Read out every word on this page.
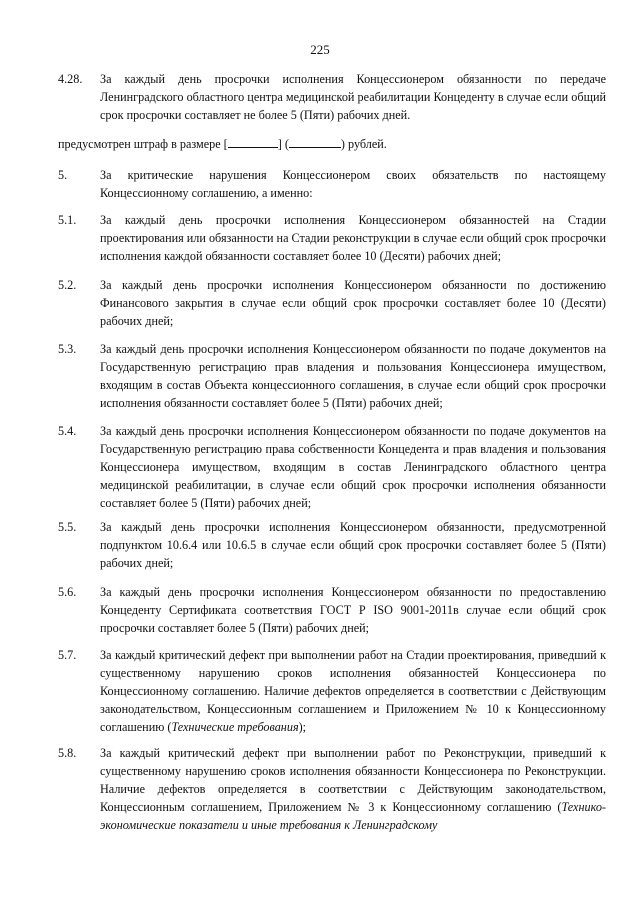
225
4.28.	За каждый день просрочки исполнения Концессионером обязанности по передаче Ленинградского областного центра медицинской реабилитации Концеденту в случае если общий срок просрочки составляет не более 5 (Пяти) рабочих дней.
предусмотрен штраф в размере [	] (	) рублей.
5.	За критические нарушения Концессионером своих обязательств по настоящему Концессионному соглашению, а именно:
5.1.	За каждый день просрочки исполнения Концессионером обязанностей на Стадии проектирования или обязанности на Стадии реконструкции в случае если общий срок просрочки исполнения каждой обязанности составляет более 10 (Десяти) рабочих дней;
5.2.	За каждый день просрочки исполнения Концессионером обязанности по достижению Финансового закрытия в случае если общий срок просрочки составляет более 10 (Десяти) рабочих дней;
5.3.	За каждый день просрочки исполнения Концессионером обязанности по подаче документов на Государственную регистрацию прав владения и пользования Концессионера имуществом, входящим в состав Объекта концессионного соглашения, в случае если общий срок просрочки исполнения обязанности составляет более 5 (Пяти) рабочих дней;
5.4.	За каждый день просрочки исполнения Концессионером обязанности по подаче документов на Государственную регистрацию права собственности Концедента и прав владения и пользования Концессионера имуществом, входящим в состав Ленинградского областного центра медицинской реабилитации, в случае если общий срок просрочки исполнения обязанности составляет более 5 (Пяти) рабочих дней;
5.5.	За каждый день просрочки исполнения Концессионером обязанности, предусмотренной подпунктом 10.6.4 или 10.6.5 в случае если общий срок просрочки составляет более 5 (Пяти) рабочих дней;
5.6.	За каждый день просрочки исполнения Концессионером обязанности по предоставлению Концеденту Сертификата соответствия ГОСТ Р ISO 9001-2011в случае если общий срок просрочки составляет более 5 (Пяти) рабочих дней;
5.7.	За каждый критический дефект при выполнении работ на Стадии проектирования, приведший к существенному нарушению сроков исполнения обязанностей Концессионера по Концессионному соглашению. Наличие дефектов определяется в соответствии с Действующим законодательством, Концессионным соглашением и Приложением № 10 к Концессионному соглашению (Технические требования);
5.8.	За каждый критический дефект при выполнении работ по Реконструкции, приведший к существенному нарушению сроков исполнения обязанности Концессионера по Реконструкции. Наличие дефектов определяется в соответствии с Действующим законодательством, Концессионным соглашением, Приложением № 3 к Концессионному соглашению (Технико-экономические показатели и иные требования к Ленинградскому
